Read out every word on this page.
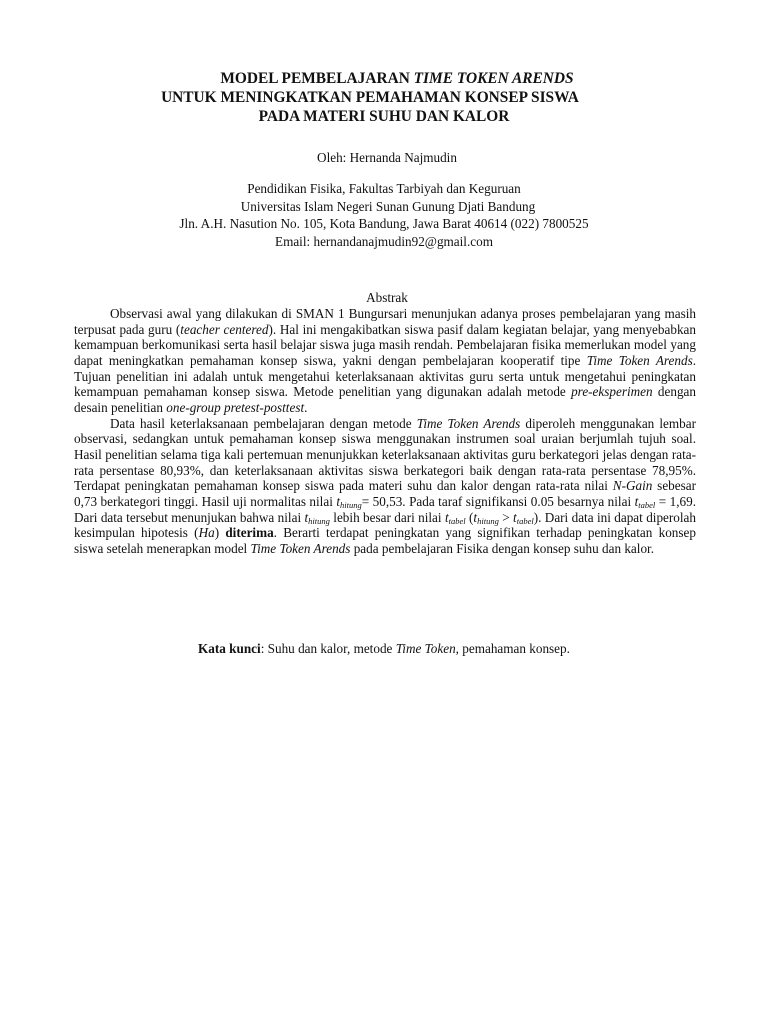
MODEL PEMBELAJARAN TIME TOKEN ARENDS
UNTUK MENINGKATKAN PEMAHAMAN KONSEP SISWA
PADA MATERI SUHU DAN KALOR
Oleh: Hernanda Najmudin
Pendidikan Fisika, Fakultas Tarbiyah dan Keguruan
Universitas Islam Negeri Sunan Gunung Djati Bandung
Jln. A.H. Nasution No. 105, Kota Bandung, Jawa Barat 40614 (022) 7800525
Email: hernandanajmudin92@gmail.com
Abstrak

Observasi awal yang dilakukan di SMAN 1 Bungursari menunjukan adanya proses pembelajaran yang masih terpusat pada guru (teacher centered). Hal ini mengakibatkan siswa pasif dalam kegiatan belajar, yang menyebabkan kemampuan berkomunikasi serta hasil belajar siswa juga masih rendah. Pembelajaran fisika memerlukan model yang dapat meningkatkan pemahaman konsep siswa, yakni dengan pembelajaran kooperatif tipe Time Token Arends. Tujuan penelitian ini adalah untuk mengetahui keterlaksanaan aktivitas guru serta untuk mengetahui peningkatan kemampuan pemahaman konsep siswa. Metode penelitian yang digunakan adalah metode pre-eksperimen dengan desain penelitian one-group pretest-posttest.

Data hasil keterlaksanaan pembelajaran dengan metode Time Token Arends diperoleh menggunakan lembar observasi, sedangkan untuk pemahaman konsep siswa menggunakan instrumen soal uraian berjumlah tujuh soal. Hasil penelitian selama tiga kali pertemuan menunjukkan keterlaksanaan aktivitas guru berkategori jelas dengan rata-rata persentase 80,93%, dan keterlaksanaan aktivitas siswa berkategori baik dengan rata-rata persentase 78,95%. Terdapat peningkatan pemahaman konsep siswa pada materi suhu dan kalor dengan rata-rata nilai N-Gain sebesar 0,73 berkategori tinggi. Hasil uji normalitas nilai $t_{hitung}= 50,53$. Pada taraf signifikansi 0.05 besarnya nilai $t_{tabel} = 1,69$. Dari data tersebut menunjukan bahwa nilai $t_{hitung}$ lebih besar dari nilai $t_{tabel}$ $(t_{hitung} > t_{tabel})$. Dari data ini dapat diperolah kesimpulan hipotesis (Ha) diterima. Berarti terdapat peningkatan yang signifikan terhadap peningkatan konsep siswa setelah menerapkan model Time Token Arends pada pembelajaran Fisika dengan konsep suhu dan kalor.

Kata kunci: Suhu dan kalor, metode Time Token, pemahaman konsep.
